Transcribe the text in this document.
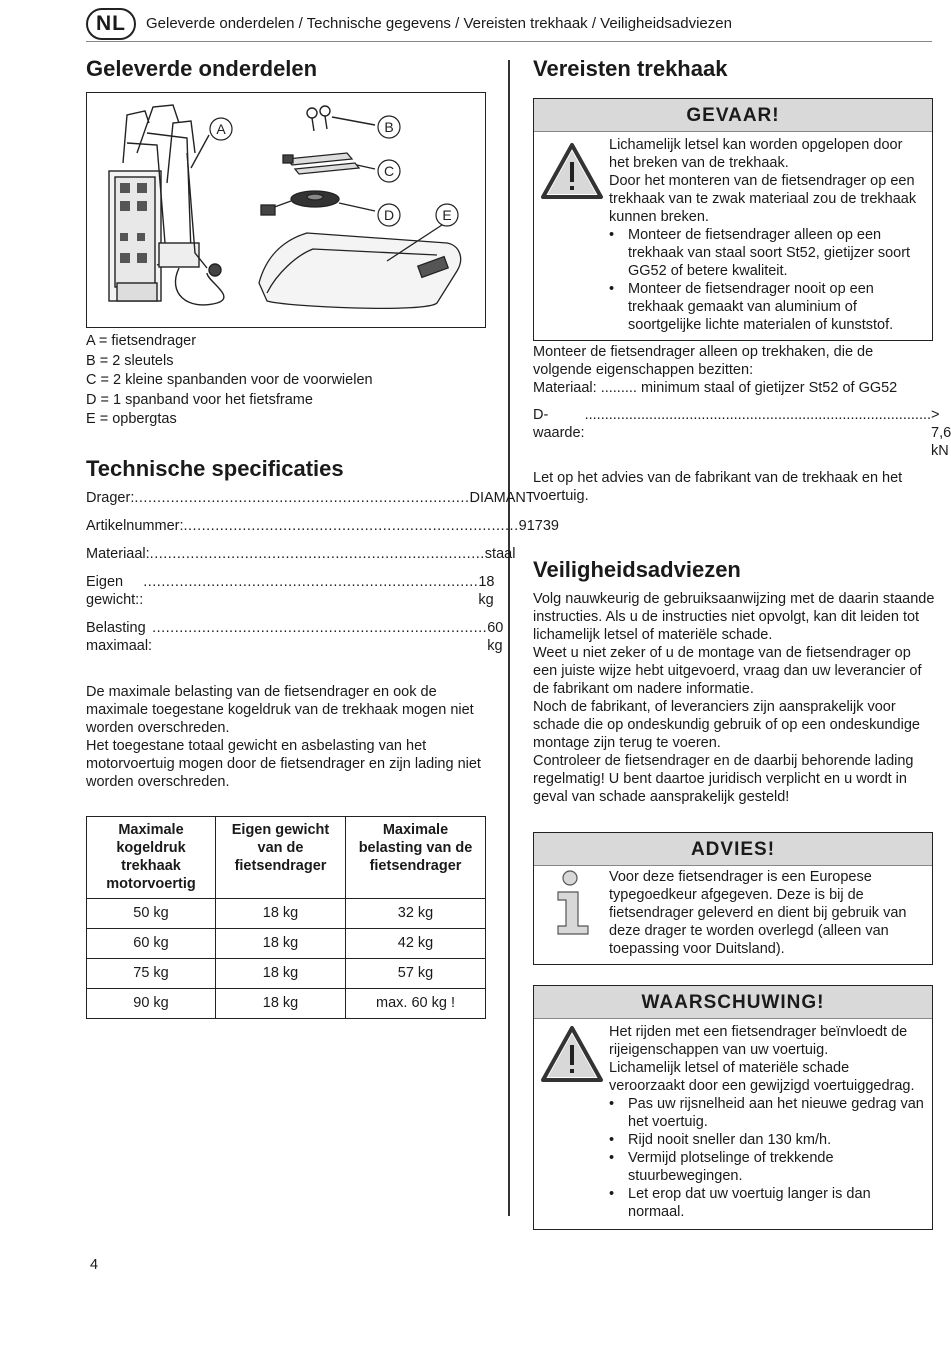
NL	Geleverde onderdelen / Technische gegevens / Vereisten trekhaak / Veiligheidsadviezen
Geleverde onderdelen
A	B
C
D	E
A = fietsendrager
B = 2 sleutels
C = 2 kleine spanbanden voor de voorwielen
D = 1 spanband voor het fietsframe
E = opbergtas
Technische specificaties
Drager: .......................................................................... DIAMANT
Artikelnummer: .......................................................................... 91739
Materiaal: .......................................................................... staal
Eigen gewicht::
.......................................................................... 18 kg
Belasting maximaal:
.......................................................................... 60 kg
De maximale belasting van de fietsendrager en ook de maximale toegestane kogeldruk van de trekhaak mogen niet worden overschreden.
Het toegestane totaal gewicht en asbelasting van het motorvoertuig mogen door de fietsendrager en zijn lading niet worden overschreden.
Maximale kogeldruk trekhaak motorvoertig	Eigen gewicht van de fietsendrager	Maximale belasting van de fietsendrager
50 kg	18 kg	32 kg
60 kg	18 kg	42 kg
75 kg	18 kg	57 kg
90 kg	18 kg	max. 60 kg !
Vereisten trekhaak
GEVAAR!
Lichamelijk letsel kan worden opgelopen door het breken van de trekhaak.
Door het monteren van de fietsendrager op een trekhaak van te zwak materiaal zou de trekhaak kunnen breken.
• Monteer de fietsendrager alleen op een trekhaak van staal soort St52, gietijzer soort GG52 of betere kwaliteit.
• Monteer de fietsendrager nooit op een trekhaak gemaakt van aluminium of soortgelijke lichte materialen of kunststof.
Monteer de fietsendrager alleen op trekhaken, die de volgende eigenschappen bezitten:
Materiaal: ......... minimum staal of gietijzer St52 of GG52
D-waarde:
...................................................................................... > 7,6 kN
Let op het advies van de fabrikant van de trekhaak en het voertuig.
Veiligheidsadviezen
Volg nauwkeurig de gebruiksaanwijzing met de daarin staande instructies. Als u de instructies niet opvolgt, kan dit leiden tot lichamelijk letsel of materiële schade.
Weet u niet zeker of u de montage van de fietsendrager op een juiste wijze hebt uitgevoerd, vraag dan uw leverancier of de fabrikant om nadere informatie.
Noch de fabrikant, of leveranciers zijn aansprakelijk voor schade die op ondeskundig gebruik of op een ondeskundige montage zijn terug te voeren.
Controleer de fietsendrager en de daarbij behorende lading regelmatig! U bent daartoe juridisch verplicht en u wordt in geval van schade aansprakelijk gesteld!
ADVIES!
Voor deze fietsendrager is een Europese typegoedkeur afgegeven. Deze is bij de fietsendrager geleverd en dient bij gebruik van deze drager te worden overlegd (alleen van toepassing voor Duitsland).
WAARSCHUWING!
Het rijden met een fietsendrager beïnvloedt de rijeigenschappen van uw voertuig.
Lichamelijk letsel of materiële schade veroorzaakt door een gewijzigd voertuiggedrag.
• Pas uw rijsnelheid aan het nieuwe gedrag van het voertuig.
• Rijd nooit sneller dan 130 km/h.
• Vermijd plotselinge of trekkende stuurbewegingen.
• Let erop dat uw voertuig langer is dan normaal.
4
